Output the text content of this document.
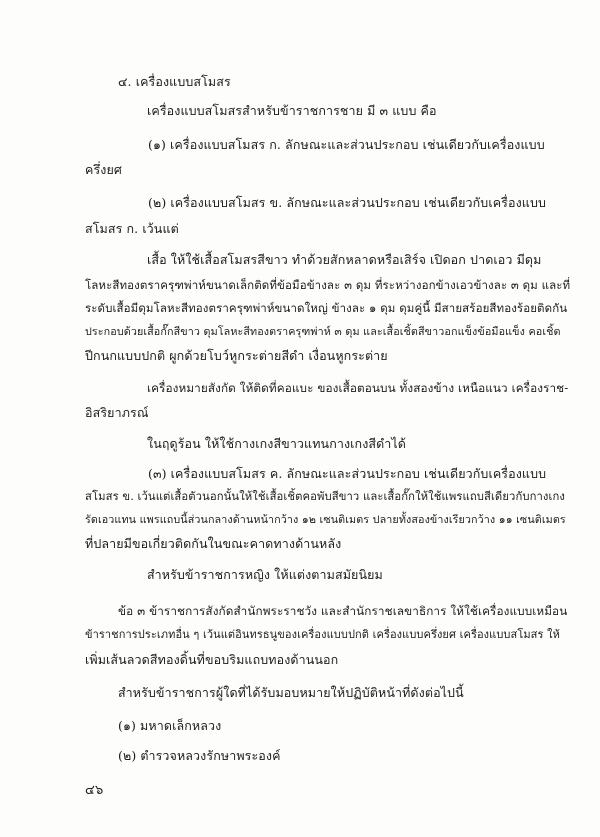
๔. เครื่องแบบสโมสร
เครื่องแบบสโมสรสำหรับข้าราชการชาย มี ๓ แบบ คือ
(๑) เครื่องแบบสโมสร ก. ลักษณะและส่วนประกอบ เช่นเดียวกับเครื่องแบบ
ครึ่งยศ
(๒) เครื่องแบบสโมสร ข. ลักษณะและส่วนประกอบ เช่นเดียวกับเครื่องแบบ
สโมสร ก. เว้นแต่
เสื้อ ให้ใช้เสื้อสโมสรสีขาว ทำด้วยสักหลาดหรือเสิร์จ เปิดอก ปาดเอว มีดุม
โลหะสีทองตราครุฑพ่าห์ขนาดเล็กติดที่ข้อมือข้างละ ๓ ดุม ที่ระหว่างอกข้างเอวข้างละ ๓ ดุม และที่
ระดับเสื้อมีดุมโลหะสีทองตราครุฑพ่าห์ขนาดใหญ่ ข้างละ ๑ ดุม ดุมคู่นี้ มีสายสร้อยสีทองร้อยติดกัน
ประกอบด้วยเสื้อกั๊กสีขาว ดุมโลหะสีทองตราครุฑพ่าห์ ๓ ดุม และเสื้อเชิ้ตสีขาวอกแข็งข้อมือแข็ง คอเชิ้ต
ปีกนกแบบปกติ ผูกด้วยโบว์หูกระต่ายสีดำ เงื่อนหูกระต่าย
เครื่องหมายสังกัด ให้ติดที่คอแบะ ของเสื้อตอนบน ทั้งสองข้าง เหนือแนว เครื่องราช-
อิสริยาภรณ์
ในฤดูร้อน ให้ใช้กางเกงสีขาวแทนกางเกงสีดำได้
(๓) เครื่องแบบสโมสร ค. ลักษณะและส่วนประกอบ เช่นเดียวกับเครื่องแบบ
สโมสร ข. เว้นแต่เสื้อตัวนอกนั้นให้ใช้เสื้อเชิ้ตคอพับสีขาว และเสื้อกั๊กให้ใช้แพรแถบสีเดียวกับกางเกง
รัดเอวแทน แพรแถบนี้ส่วนกลางด้านหน้ากว้าง ๑๒ เซนติเมตร ปลายทั้งสองข้างเรียวกว้าง ๑๑ เซนติเมตร
ที่ปลายมีขอเกี่ยวติดกันในขณะคาดทางด้านหลัง
สำหรับข้าราชการหญิง ให้แต่งตามสมัยนิยม
ข้อ ๓ ข้าราชการสังกัดสำนักพระราชวัง และสำนักราชเลขาธิการ ให้ใช้เครื่องแบบเหมือน
ข้าราชการประเภทอื่น ๆ เว้นแต่อินทรธนูของเครื่องแบบปกติ เครื่องแบบครึ่งยศ เครื่องแบบสโมสร ให้
เพิ่มเส้นลวดสีทองดิ้นที่ขอบริมแถบทองด้านนอก
สำหรับข้าราชการผู้ใดที่ได้รับมอบหมายให้ปฏิบัติหน้าที่ดังต่อไปนี้
(๑) มหาดเล็กหลวง
(๒) ตำรวจหลวงรักษาพระองค์
๔๖
